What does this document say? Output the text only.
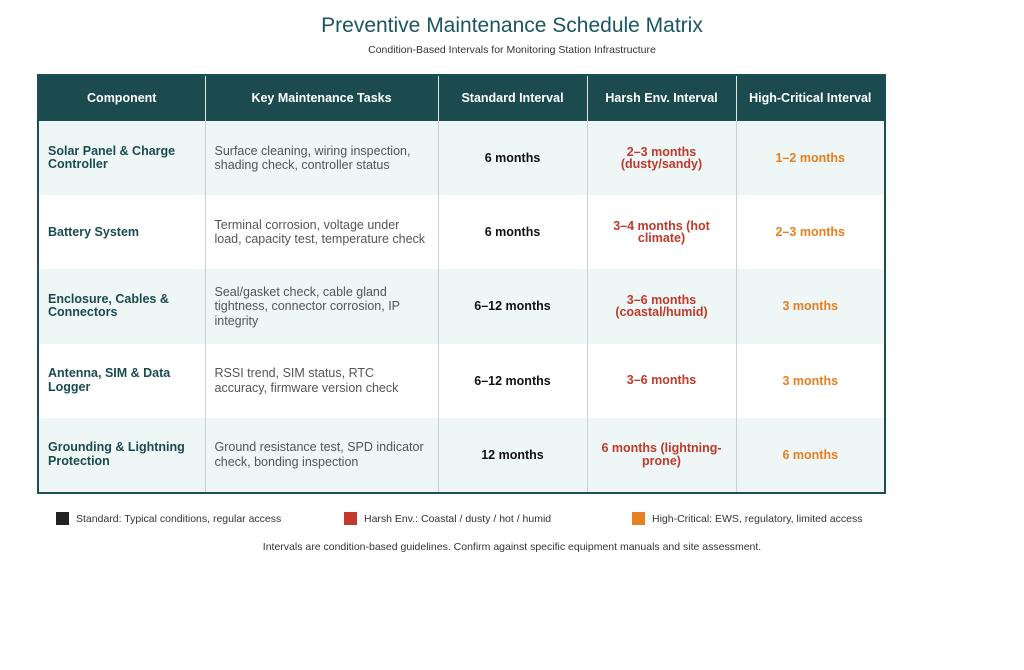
Preventive Maintenance Schedule Matrix
Condition-Based Intervals for Monitoring Station Infrastructure
Component	Key Maintenance Tasks	Standard Interval	Harsh Env. Interval	High-Critical Interval
Solar Panel & Charge Controller	Surface cleaning, wiring inspection, shading check, controller status	6 months	2–3 months (dusty/sandy)	1–2 months
Battery System	Terminal corrosion, voltage under load, capacity test, temperature check	6 months	3–4 months (hot climate)	2–3 months
Enclosure, Cables & Connectors	Seal/gasket check, cable gland tightness, connector corrosion, IP integrity	6–12 months	3–6 months (coastal/humid)	3 months
Antenna, SIM & Data Logger	RSSI trend, SIM status, RTC accuracy, firmware version check	6–12 months	3–6 months	3 months
Grounding & Lightning Protection	Ground resistance test, SPD indicator check, bonding inspection	12 months	6 months (lightning-prone)	6 months
Standard: Typical conditions, regular access	Harsh Env.: Coastal / dusty / hot / humid	High-Critical: EWS, regulatory, limited access
Intervals are condition-based guidelines. Confirm against specific equipment manuals and site assessment.
